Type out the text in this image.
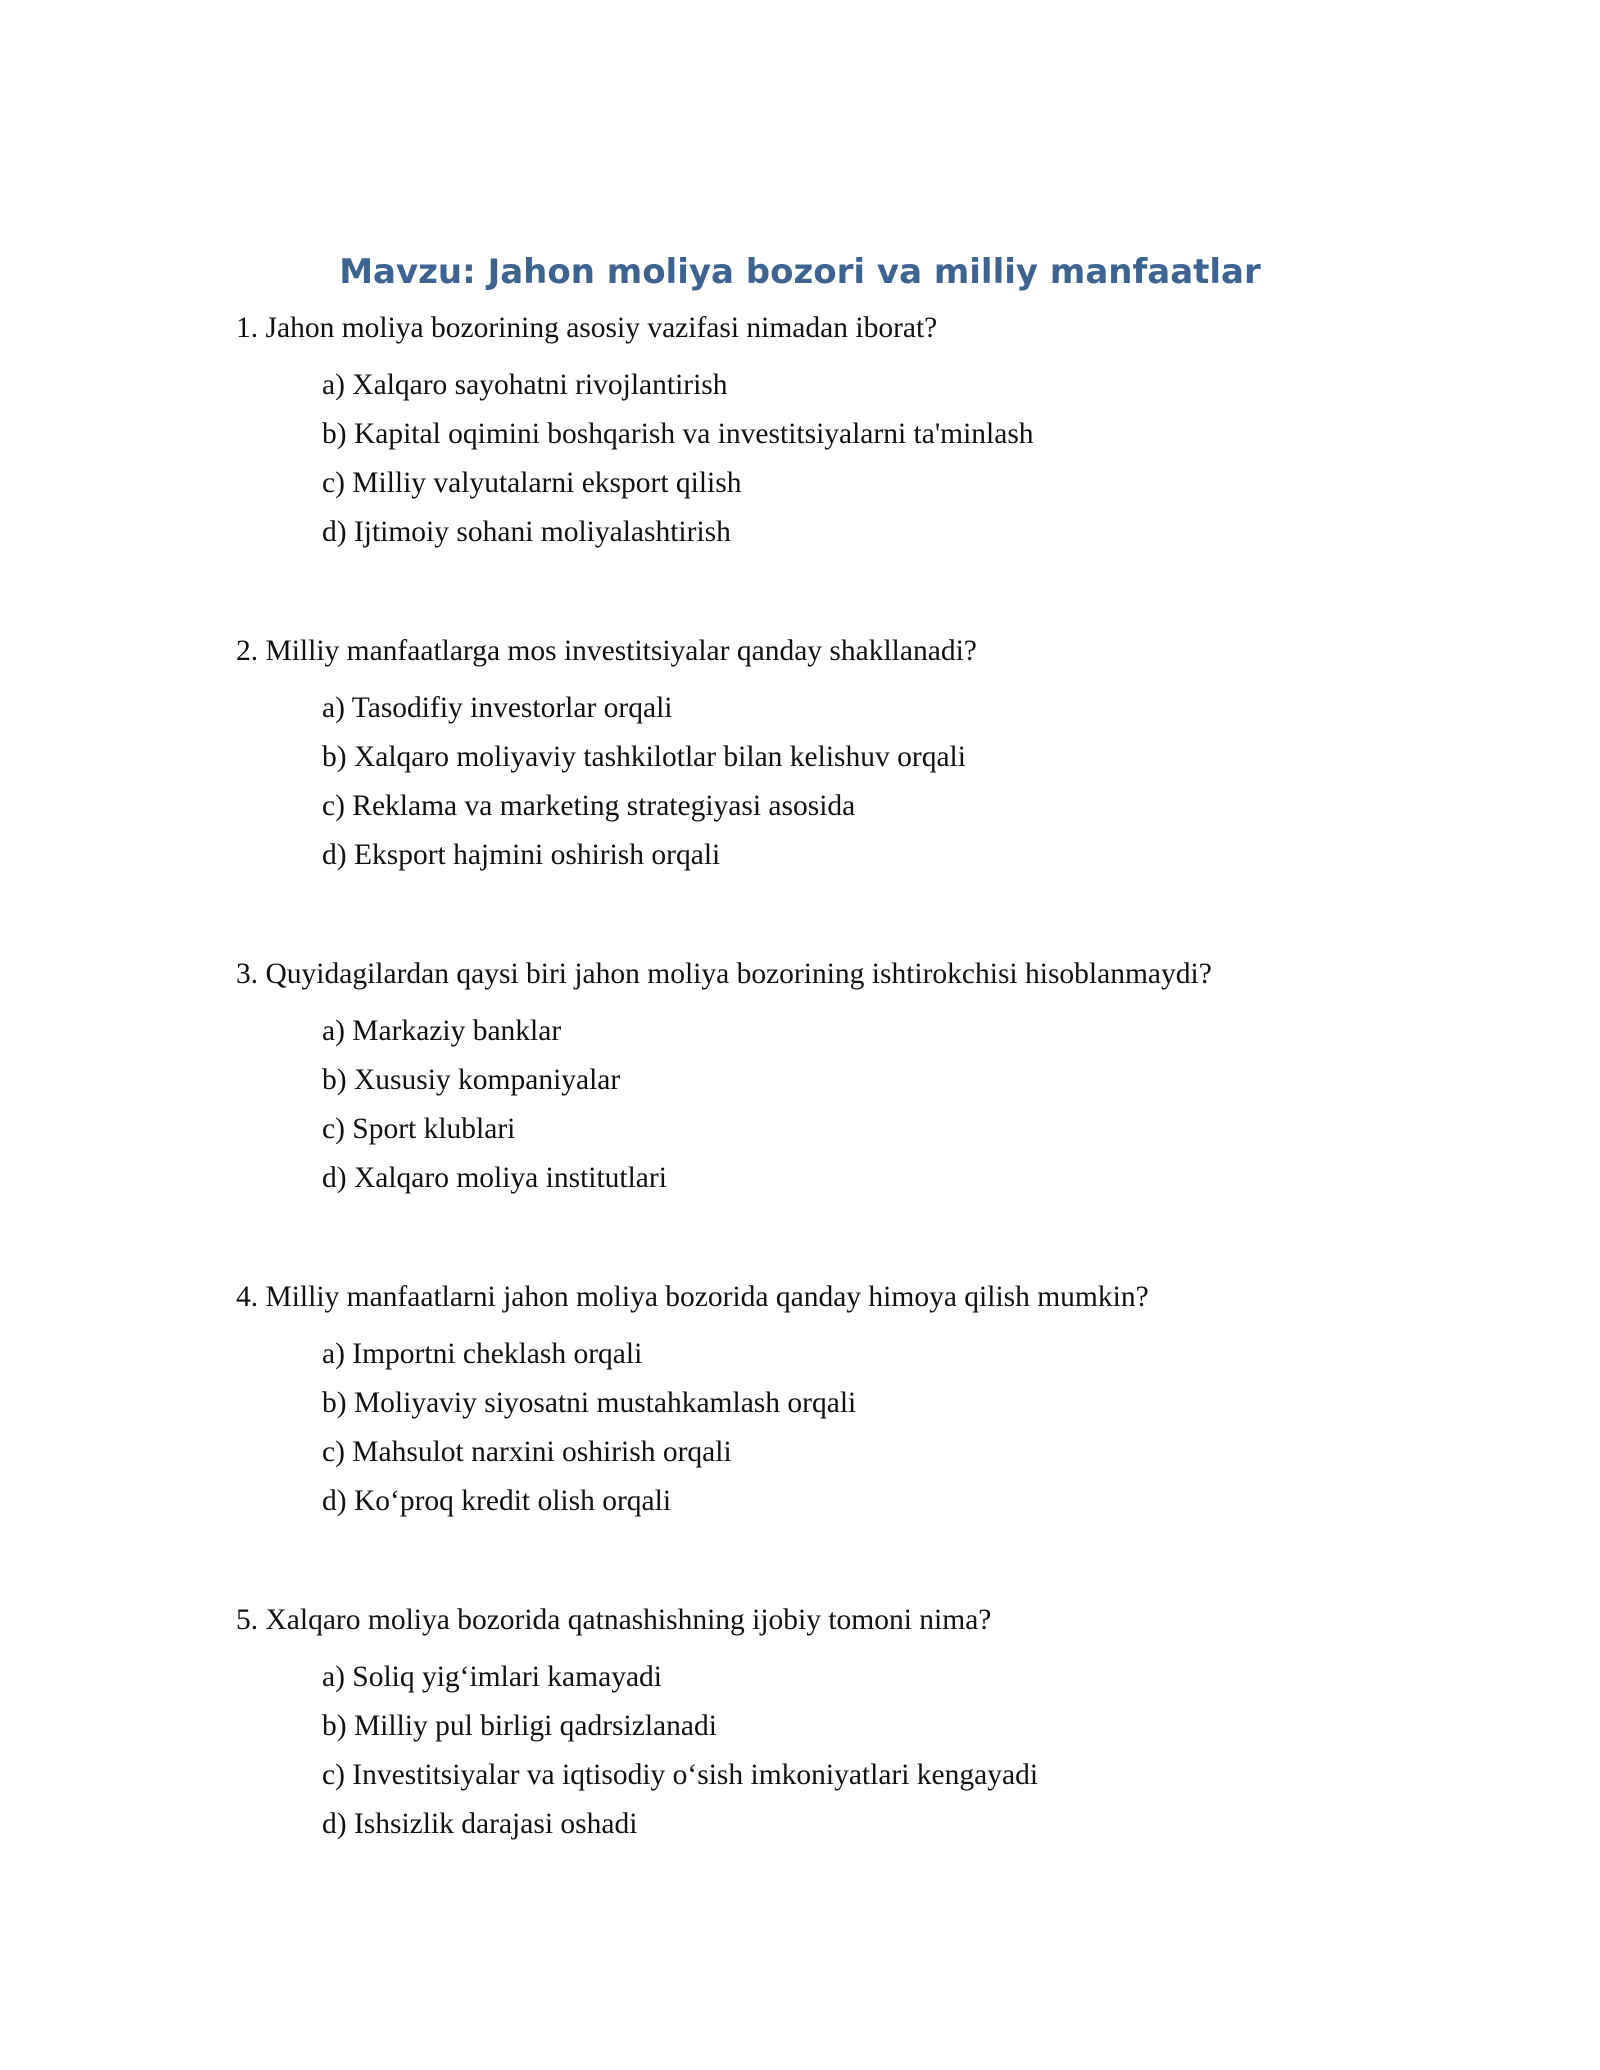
Mavzu: Jahon moliya bozori va milliy manfaatlar
1. Jahon moliya bozorining asosiy vazifasi nimadan iborat?
a) Xalqaro sayohatni rivojlantirish
b) Kapital oqimini boshqarish va investitsiyalarni ta'minlash
c) Milliy valyutalarni eksport qilish
d) Ijtimoiy sohani moliyalashtirish
2. Milliy manfaatlarga mos investitsiyalar qanday shakllanadi?
a) Tasodifiy investorlar orqali
b) Xalqaro moliyaviy tashkilotlar bilan kelishuv orqali
c) Reklama va marketing strategiyasi asosida
d) Eksport hajmini oshirish orqali
3. Quyidagilardan qaysi biri jahon moliya bozorining ishtirokchisi hisoblanmaydi?
a) Markaziy banklar
b) Xususiy kompaniyalar
c) Sport klublari
d) Xalqaro moliya institutlari
4. Milliy manfaatlarni jahon moliya bozorida qanday himoya qilish mumkin?
a) Importni cheklash orqali
b) Moliyaviy siyosatni mustahkamlash orqali
c) Mahsulot narxini oshirish orqali
d) Ko‘proq kredit olish orqali
5. Xalqaro moliya bozorida qatnashishning ijobiy tomoni nima?
a) Soliq yig‘imlari kamayadi
b) Milliy pul birligi qadrsizlanadi
c) Investitsiyalar va iqtisodiy o‘sish imkoniyatlari kengayadi
d) Ishsizlik darajasi oshadi
